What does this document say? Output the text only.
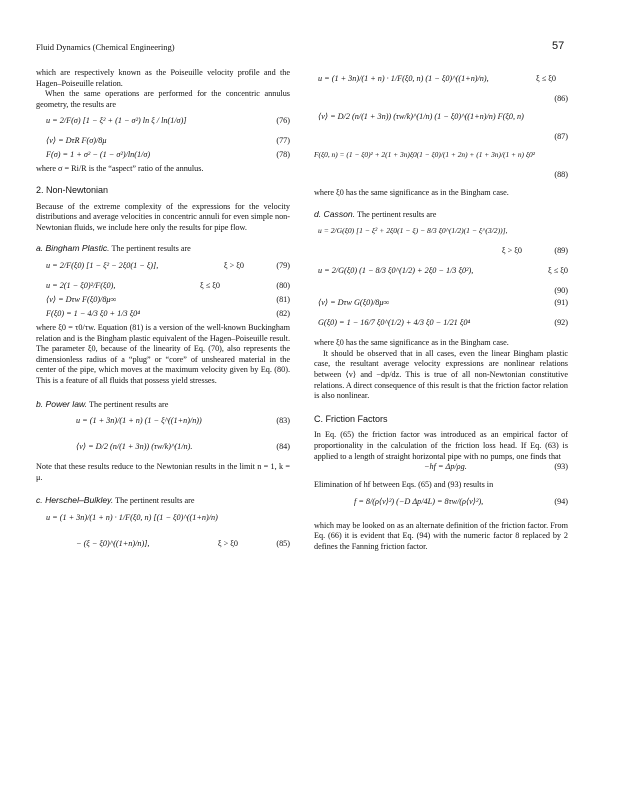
Fluid Dynamics (Chemical Engineering)	57

which are respectively known as the Poiseuille velocity profile and the Hagen–Poiseuille relation.

When the same operations are performed for the concentric annulus geometry, the results are

u = 2/F(σ) [1 − ξ² + (1 − σ²) ln ξ / ln(1/σ)]	(76)
⟨v⟩ = DτR F(σ)/8μ	(77)
F(σ) = 1 + σ² − (1 − σ²)/ln(1/σ)	(78)

where σ = Ri/R is the “aspect” ratio of the annulus.

2. Non-Newtonian

Because of the extreme complexity of the expressions for the velocity distributions and average velocities in concentric annuli for even simple non-Newtonian fluids, we include here only the results for pipe flow.

a. Bingham Plastic. The pertinent results are

u = 2/F(ξ0) [1 − ξ² − 2ξ0(1 − ξ)],	ξ > ξ0	(79)
u = 2(1 − ξ0)²/F(ξ0),	ξ ≤ ξ0	(80)
⟨v⟩ = Dτw F(ξ0)/8μ∞	(81)
F(ξ0) = 1 − 4/3 ξ0 + 1/3 ξ0⁴	(82)

where ξ0 = τ0/τw. Equation (81) is a version of the well-known Buckingham relation and is the Bingham plastic equivalent of the Hagen–Poiseuille result. The parameter ξ0, because of the linearity of Eq. (70), also represents the dimensionless radius of a “plug” or “core” of unsheared material in the center of the pipe, which moves at the maximum velocity given by Eq. (80). This is a feature of all fluids that possess yield stresses.

b. Power law. The pertinent results are

u = (1 + 3n)/(1 + n) (1 − ξ^((1+n)/n))	(83)
⟨v⟩ = D/2 (n/(1 + 3n)) (τw/k)^(1/n).	(84)

Note that these results reduce to the Newtonian results in the limit n = 1, k = μ.

c. Herschel–Bulkley. The pertinent results are

u = (1 + 3n)/(1 + n) · 1/F(ξ0, n) [(1 − ξ0)^((1+n)/n)
− (ξ − ξ0)^((1+n)/n)],	ξ > ξ0	(85)
u = (1 + 3n)/(1 + n) · 1/F(ξ0, n) (1 − ξ0)^((1+n)/n),	ξ ≤ ξ0
(86)
⟨v⟩ = D/2 (n/(1 + 3n)) (τw/k)^(1/n) (1 − ξ0)^((1+n)/n) F(ξ0, n)
(87)
F(ξ0, n) = (1 − ξ0)² + 2(1 + 3n)ξ0(1 − ξ0)/(1 + 2n) + (1 + 3n)/(1 + n) ξ0²
(88)

where ξ0 has the same significance as in the Bingham case.

d. Casson. The pertinent results are

u = 2/G(ξ0) [1 − ξ² + 2ξ0(1 − ξ) − 8/3 ξ0^(1/2)(1 − ξ^(3/2))],
ξ > ξ0	(89)
u = 2/G(ξ0) (1 − 8/3 ξ0^(1/2) + 2ξ0 − 1/3 ξ0²),	ξ ≤ ξ0
(90)
⟨v⟩ = Dτw G(ξ0)/8μ∞	(91)
G(ξ0) = 1 − 16/7 ξ0^(1/2) + 4/3 ξ0 − 1/21 ξ0⁴	(92)

where ξ0 has the same significance as in the Bingham case.

It should be observed that in all cases, even the linear Bingham plastic case, the resultant average velocity expressions are nonlinear relations between ⟨v⟩ and −dp/dz. This is true of all non-Newtonian constitutive relations. A direct consequence of this result is that the friction factor relation is also nonlinear.

C. Friction Factors

In Eq. (65) the friction factor was introduced as an empirical factor of proportionality in the calculation of the friction loss head. If Eq. (63) is applied to a length of straight horizontal pipe with no pumps, one finds that

−hf = Δp/ρg.	(93)

Elimination of hf between Eqs. (65) and (93) results in

f = 8/(ρ⟨v⟩²) (−D Δp/4L) = 8τw/(ρ⟨v⟩²),	(94)

which may be looked on as an alternate definition of the friction factor. From Eq. (66) it is evident that Eq. (94) with the numeric factor 8 replaced by 2 defines the Fanning friction factor.
